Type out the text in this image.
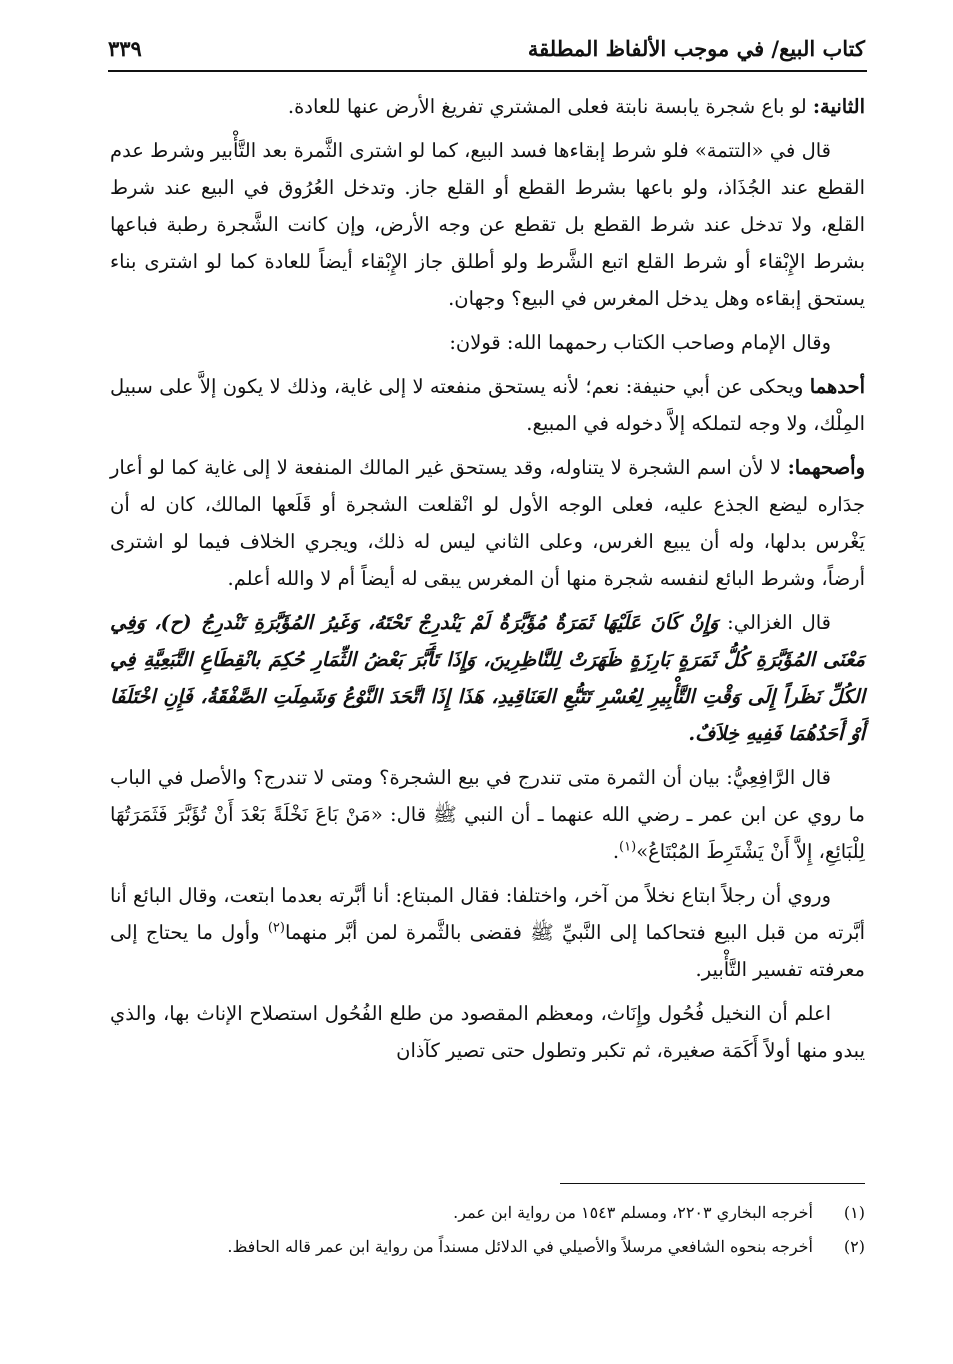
كتاب البيع/ في موجب الألفاظ المطلقة
٣٣٩

الثانية: لو باع شجرة يابسة نابتة فعلى المشتري تفريغ الأرض عنها للعادة.

قال في «التتمة» فلو شرط إبقاءها فسد البيع، كما لو اشترى الثَّمرة بعد التَّأْبير وشرط عدم القطع عند الجُذَاذ، ولو باعها بشرط القطع أو القلع جاز. وتدخل العُرُوق في البيع عند شرط القلع، ولا تدخل عند شرط القطع بل تقطع عن وجه الأرض، وإن كانت الشَّجرة رطبة فباعها بشرط الإِبْقاء أو شرط القلع اتبع الشَّرط ولو أطلق جاز الإِبْقاء أيضاً للعادة كما لو اشترى بناء يستحق إبقاءه وهل يدخل المغرس في البيع؟ وجهان.

وقال الإمام وصاحب الكتاب رحمهما الله: قولان:

أحدهما ويحكى عن أبي حنيفة: نعم؛ لأنه يستحق منفعته لا إلى غاية، وذلك لا يكون إلاَّ على سبيل المِلْك، ولا وجه لتملكه إلاَّ دخوله في المبيع.

وأصحهما: لا لأن اسم الشجرة لا يتناوله، وقد يستحق غير المالك المنفعة لا إلى غاية كما لو أعار جدَاره ليضع الجذع عليه، فعلى الوجه الأول لو انْقلعت الشجرة أو قَلَعها المالك، كان له أن يَغْرس بدلها، وله أن يبيع الغرس، وعلى الثاني ليس له ذلك، ويجري الخلاف فيما لو اشترى أرضاً، وشرط البائع لنفسه شجرة منها أن المغرس يبقى له أيضاً أم لا والله أعلم.

قال الغزالي: وَإِنْ كَانَ عَلَيْهَا ثَمَرَةٌ مُؤَبَّرَةٌ لَمْ يَنْدرِجْ تَحْتَهُ، وَغَيرُ المُؤَبَّرَةِ تَنْدرِجُ (ح)، وَفِي مَعْنَى المُؤَبَّرَةِ كُلُّ ثَمَرَةٍ بَارِزَةٍ ظَهَرَتْ لِلنَّاظِرِينَ، وَإِذَا تَأَبَّرَ بَعْضُ الثِّمَارِ حُكِمَ بانْقِطَاعِ التَّبَعِيَّةِ فِي الكُلِّ نَظَراً إِلَى وَقْتِ التَّأْبِيرِ لِعُسْرِ تَتَبُّعِ العَنَاقِيدِ، هَذَا إِذَا اتَّحَدَ النَّوْعُ وَشَمِلَتِ الصَّفْقَةُ، فَإِنِ اخْتَلَفَا أَوْ أَحَدُهُمَا فَفِيهِ خِلاَفٌ.

قال الرَّافِعِيُّ: بيان أن الثمرة متى تندرج في بيع الشجرة؟ ومتى لا تندرج؟ والأصل في الباب ما روي عن ابن عمر ـ رضي الله عنهما ـ أن النبي ﷺ قال: «مَنْ بَاعَ نَخْلَةً بَعْدَ أَنْ تُؤَبَّرَ فَثَمَرَتُهَا لِلْبَائِعِ، إِلاَّ أَنْ يَشْتَرِطَ المُبْتَاعُ»$^{(١)}$.

وروي أن رجلاً ابتاع نخلاً من آخر، واختلفا: فقال المبتاع: أنا أبَّرته بعدما ابتعت، وقال البائع أنا أبَّرته من قبل البيع فتحاكما إلى النَّبيِّ ﷺ فقضى بالثَّمرة لمن أبَّر منهما$^{(٢)}$ وأول ما يحتاج إلى معرفته تفسير التَّأْبير.

اعلم أن النخيل فُحُول وإِنَاث، ومعظم المقصود من طلع الفُحُول استصلاح الإناث بها، والذي يبدو منها أولاً أَكَمَة صغيرة، ثم تكبر وتطول حتى تصير كآذان

(١)
أخرجه البخاري ٢٢٠٣، ومسلم ١٥٤٣ من رواية ابن عمر.
(٢)
أخرجه بنحوه الشافعي مرسلاً والأصيلي في الدلائل مسنداً من رواية ابن عمر قاله الحافظ.
